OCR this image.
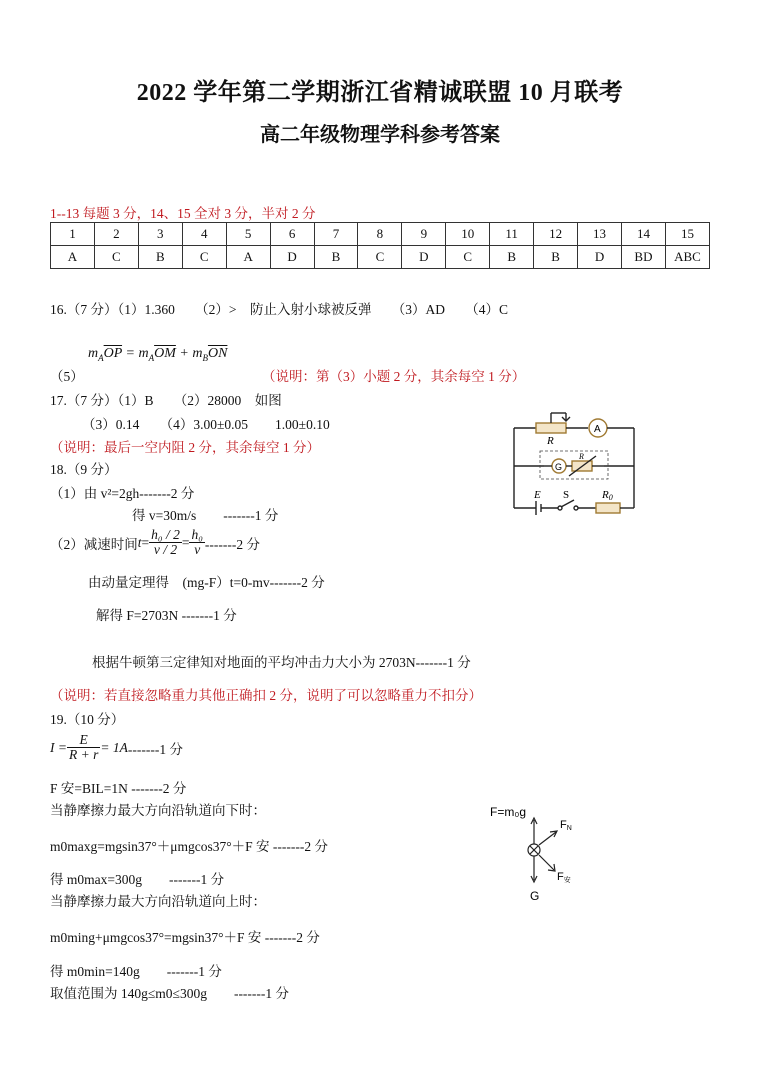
2022 学年第二学期浙江省精诚联盟 10 月联考
高二年级物理学科参考答案
1--13 每题 3 分，14、15 全对 3 分，半对 2 分
1	2	3	4	5	6	7	8	9	10	11	12	13	14	15
A	C	B	C	A	D	B	C	D	C	B	B	D	BD	ABC
16.（7 分）（1）1.360　　（2）>　防止入射小球被反弹　　（3）AD　　（4）C
$m_A\overline{OP} = m_A\overline{OM} + m_B\overline{ON}$
（5）	（说明：第（3）小题 2 分，其余每空 1 分）
17.（7 分）（1）B　　（2）28000　如图
（3）0.14　　（4）3.00±0.05　　1.00±0.10
（说明：最后一空内阻 2 分，其余每空 1 分）	R
A
G
R
E S	R0
18.（9 分）
（1）由 v²=2gh-------2 分
得 v=30m/s　　-------1 分
（2）减速时间 $t = \frac{\text{h₀ / 2}}{v / 2} = \frac{\text{h₀}}{v} -------2$ 分
由动量定理得　(mg-F）t=0-mv-------2 分
解得 F=2703N -------1 分
根据牛顿第三定律知对地面的平均冲击力大小为 2703N-------1 分
（说明：若直接忽略重力其他正确扣 2 分，说明了可以忽略重力不扣分）
19.（10 分）
$I = \frac{E}{R + r} = 1A$ -------1 分
F 安=BIL=1N -------2 分
当静摩擦力最大方向沿轨道向下时：
m0maxg=mgsin37°＋μmgcos37°＋F 安 -------2 分
得 m0max=300g　　-------1 分
当静摩擦力最大方向沿轨道向上时：
m0ming+μmgcos37°=mgsin37°＋F 安 -------2 分
得 m0min=140g　　-------1 分
取值范围为 140g≤m0≤300g　　-------1 分
F=m₀g
FN
F安
G
